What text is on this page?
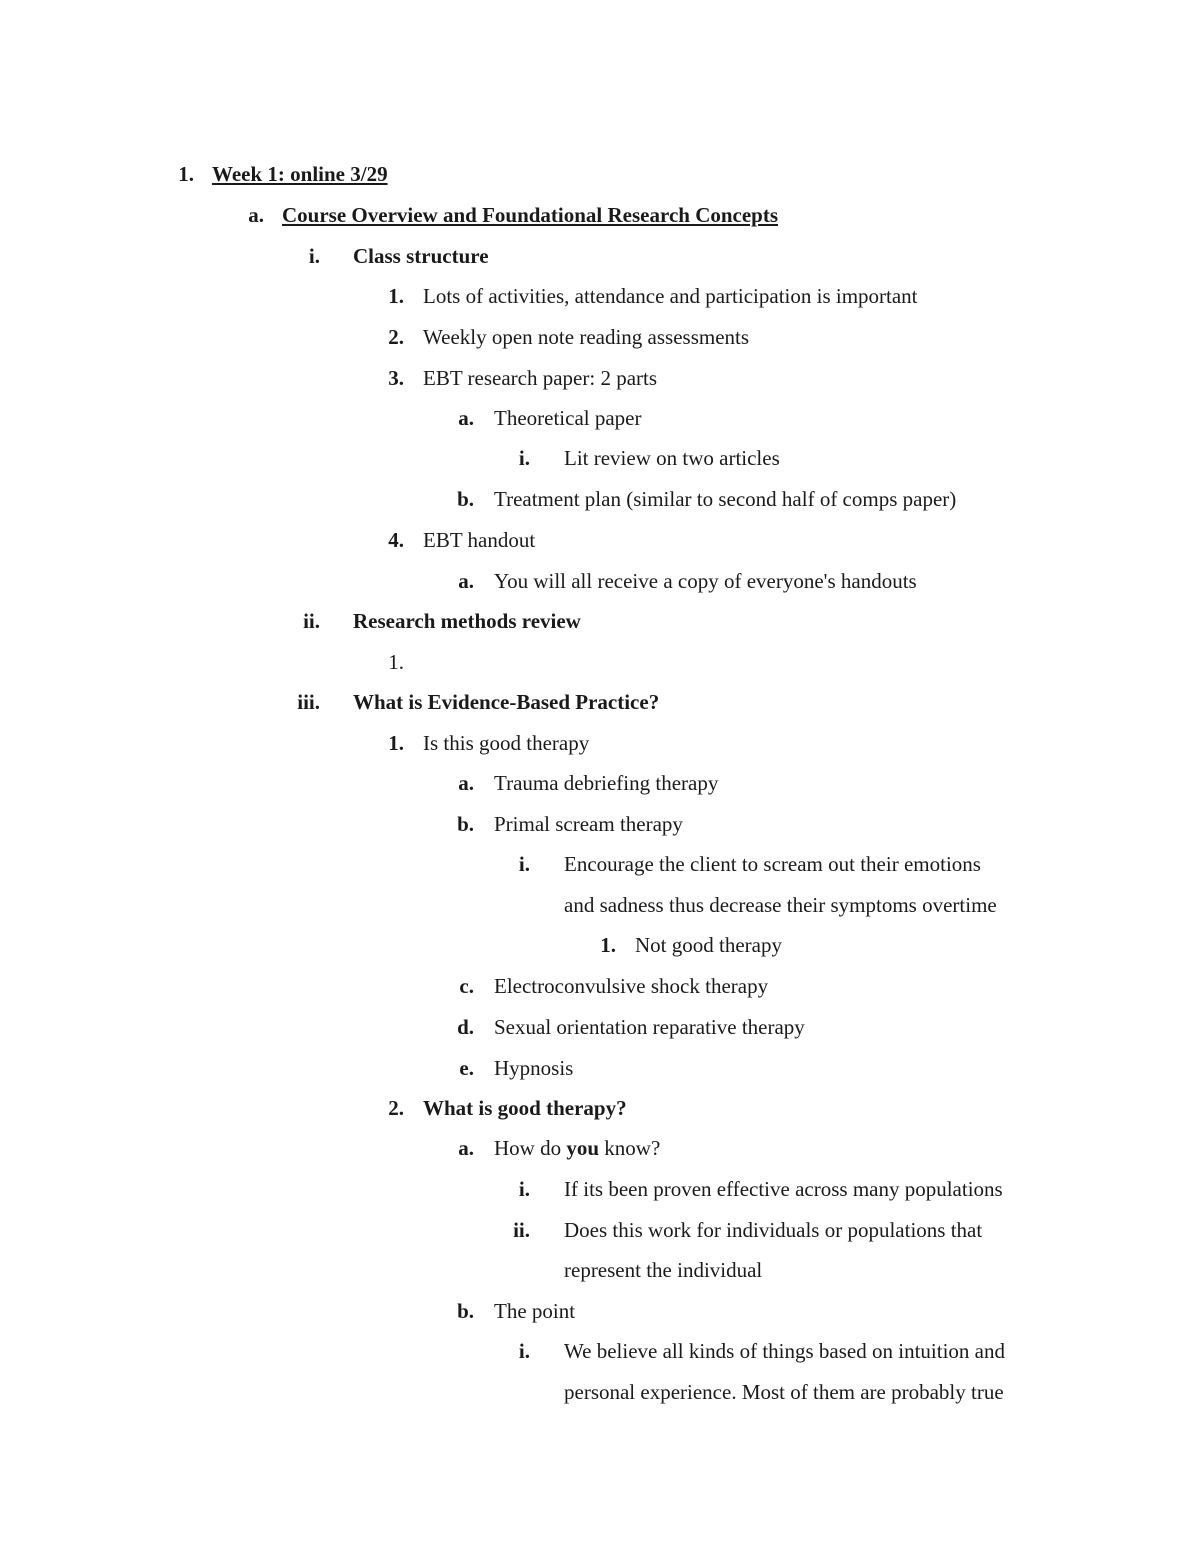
1. Week 1: online 3/29
a. Course Overview and Foundational Research Concepts
i. Class structure
1. Lots of activities, attendance and participation is important
2. Weekly open note reading assessments
3. EBT research paper: 2 parts
a. Theoretical paper
i. Lit review on two articles
b. Treatment plan (similar to second half of comps paper)
4. EBT handout
a. You will all receive a copy of everyone's handouts
ii. Research methods review
1.
iii. What is Evidence-Based Practice?
1. Is this good therapy
a. Trauma debriefing therapy
b. Primal scream therapy
i. Encourage the client to scream out their emotions
and sadness thus decrease their symptoms overtime
1. Not good therapy
c. Electroconvulsive shock therapy
d. Sexual orientation reparative therapy
e. Hypnosis
2. What is good therapy?
a. How do you know?
i. If its been proven effective across many populations
ii. Does this work for individuals or populations that
represent the individual
b. The point
i. We believe all kinds of things based on intuition and
personal experience. Most of them are probably true
